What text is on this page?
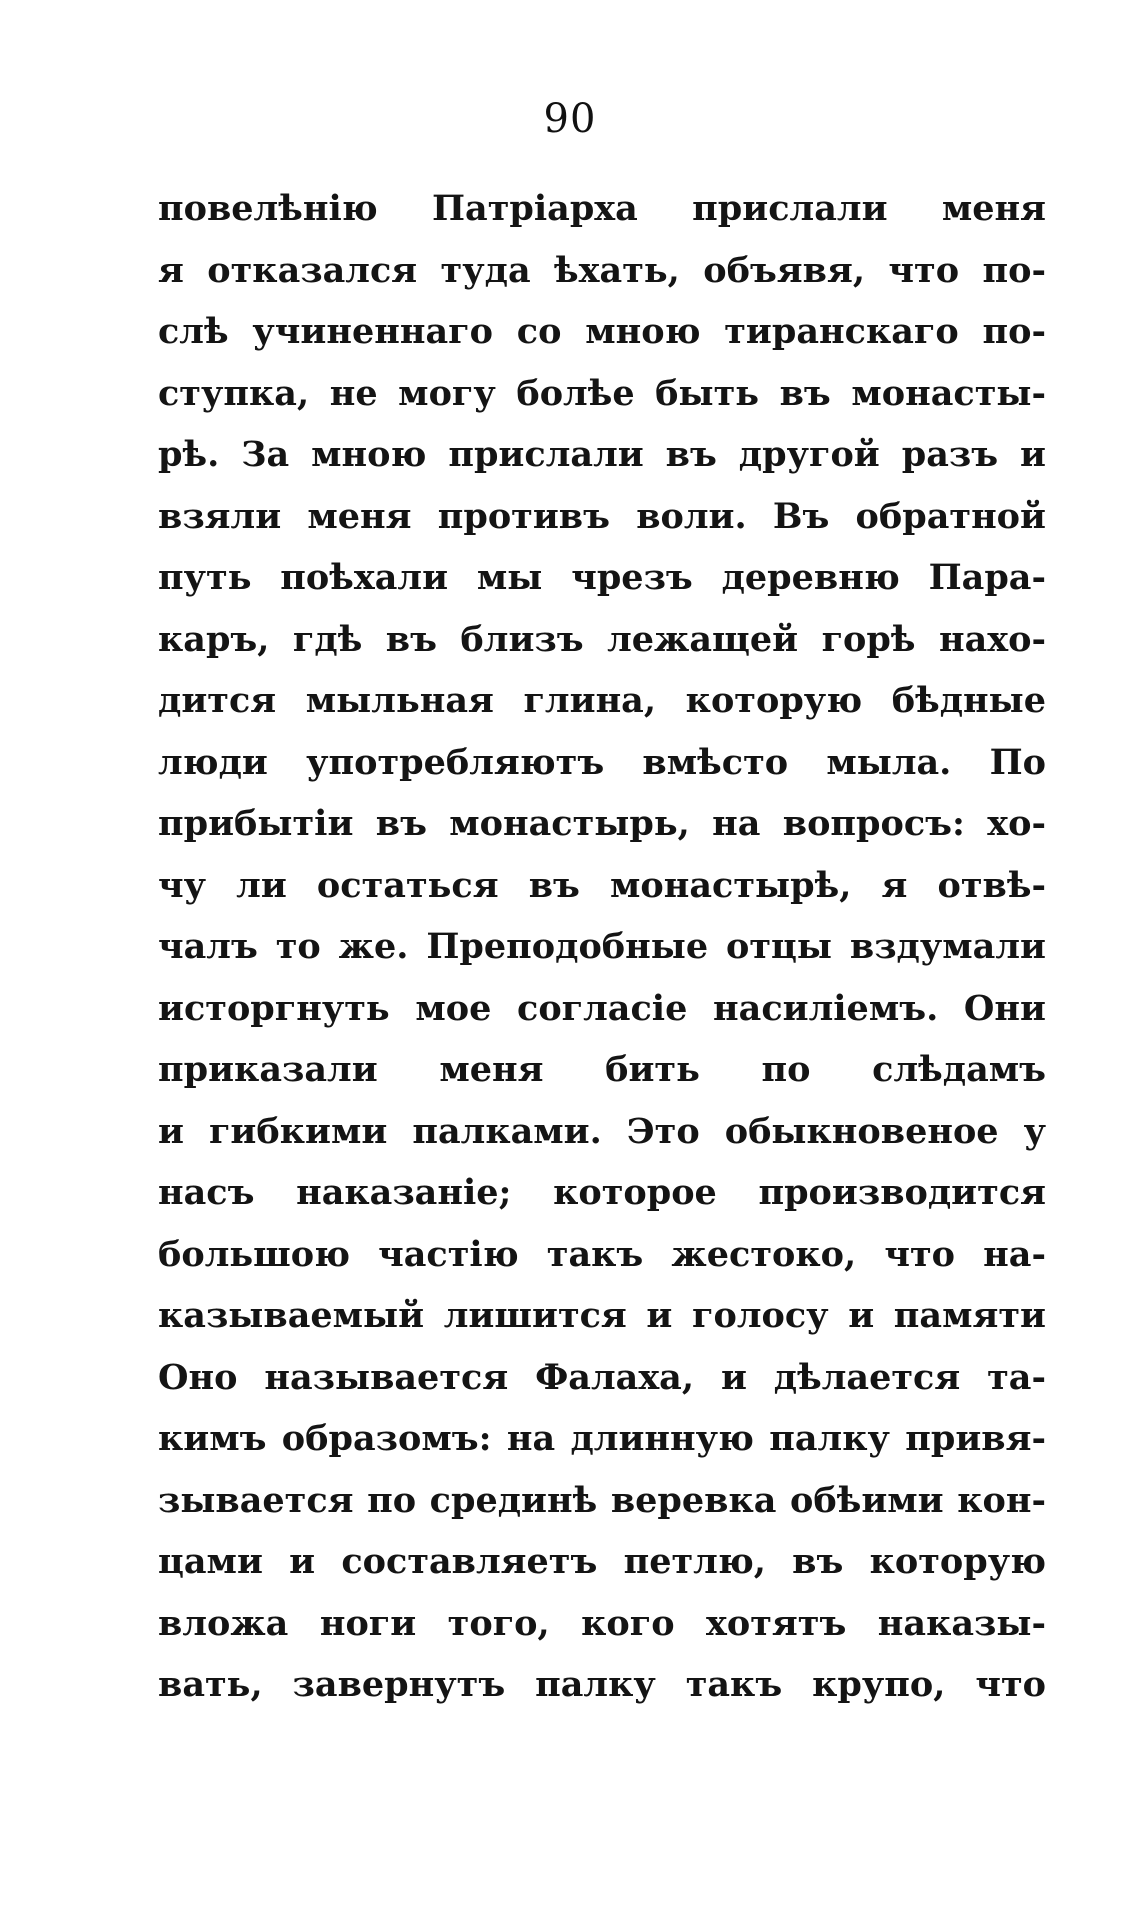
90
повелѣнію Патріарха прислали меня
я отказался туда ѣхать, объявя, что по-
слѣ учиненнаго со мною тиранскаго по-
ступка, не могу болѣе быть въ монасты-
рѣ. За мною прислали въ другой разъ и
взяли меня противъ воли. Въ обратной
путь поѣхали мы чрезъ деревню Пара-
каръ, гдѣ въ близъ лежащей горѣ нахо-
дится мыльная глина, которую бѣдные
люди употребляютъ вмѣсто мыла. По
прибытіи въ монастырь, на вопросъ: хо-
чу ли остаться въ монастырѣ, я отвѣ-
чалъ то же. Преподобные отцы вздумали
исторгнуть мое согласіе насиліемъ. Они
приказали меня бить по слѣдамъ
и гибкими палками. Это обыкновеное у
насъ наказаніе; которое производится
большою частію такъ жестоко, что на-
казываемый лишится и голосу и памяти
Оно называется Фалаха, и дѣлается та-
кимъ образомъ: на длинную палку привя-
зывается по срединѣ веревка обѣими кон-
цами и составляетъ петлю, въ которую
вложа ноги того, кого хотятъ наказы-
вать, завернутъ палку такъ крупо, что
